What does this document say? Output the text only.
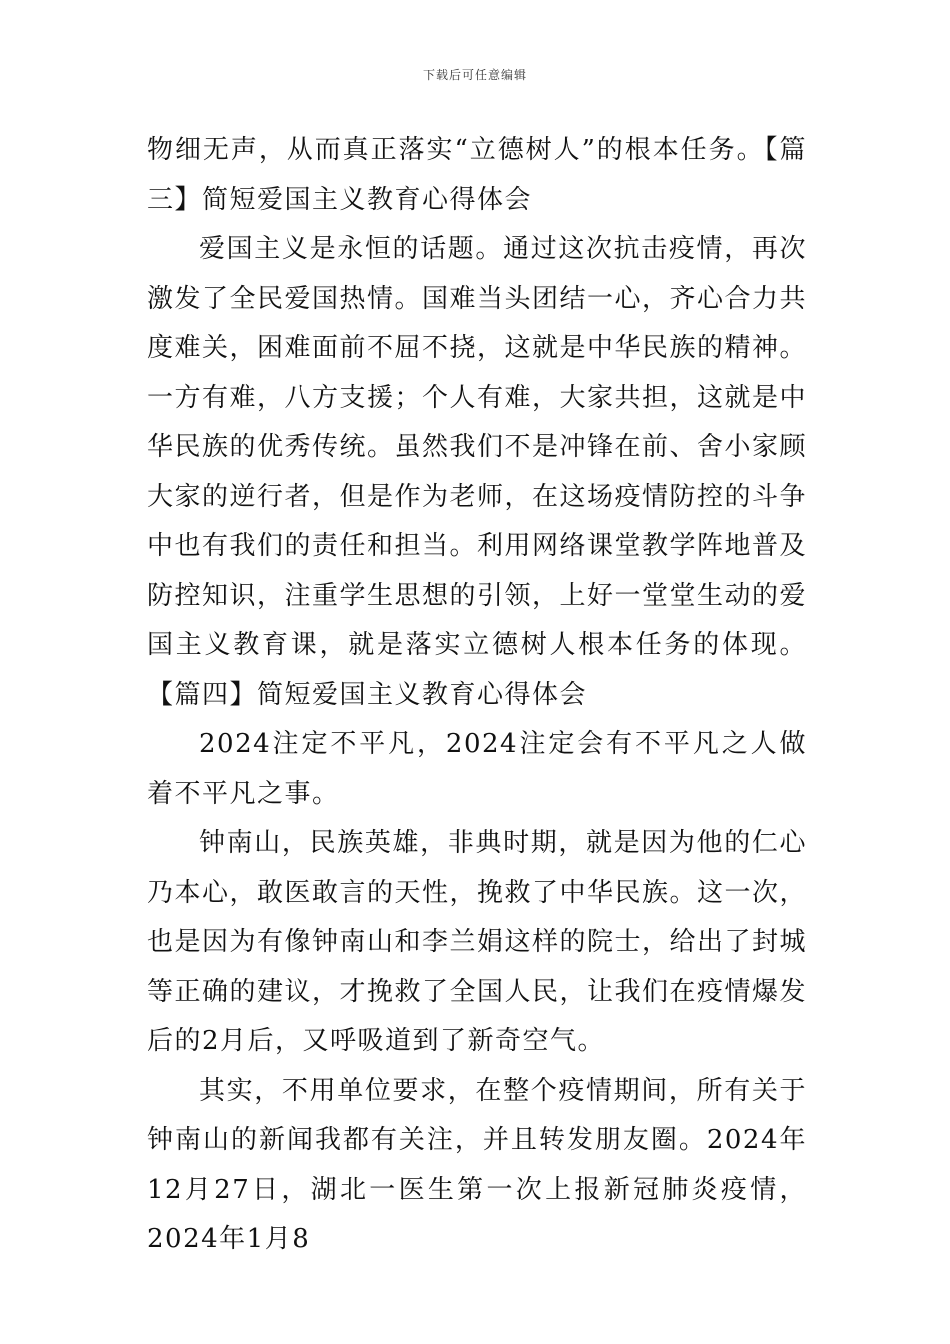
下载后可任意编辑

物细无声，从而真正落实“立德树人”的根本任务。【篇三】简短爱国主义教育心得体会

爱国主义是永恒的话题。通过这次抗击疫情，再次激发了全民爱国热情。国难当头团结一心，齐心合力共度难关，困难面前不屈不挠，这就是中华民族的精神。一方有难，八方支援；个人有难，大家共担，这就是中华民族的优秀传统。虽然我们不是冲锋在前、舍小家顾大家的逆行者，但是作为老师，在这场疫情防控的斗争中也有我们的责任和担当。利用网络课堂教学阵地普及防控知识，注重学生思想的引领，上好一堂堂生动的爱国主义教育课，就是落实立德树人根本任务的体现。【篇四】简短爱国主义教育心得体会

2024注定不平凡，2024注定会有不平凡之人做着不平凡之事。

钟南山，民族英雄，非典时期，就是因为他的仁心乃本心，敢医敢言的天性，挽救了中华民族。这一次，也是因为有像钟南山和李兰娟这样的院士，给出了封城等正确的建议，才挽救了全国人民，让我们在疫情爆发后的2月后，又呼吸道到了新奇空气。

其实，不用单位要求，在整个疫情期间，所有关于钟南山的新闻我都有关注，并且转发朋友圈。2024年12月27日，湖北一医生第一次上报新冠肺炎疫情，2024年1月8
